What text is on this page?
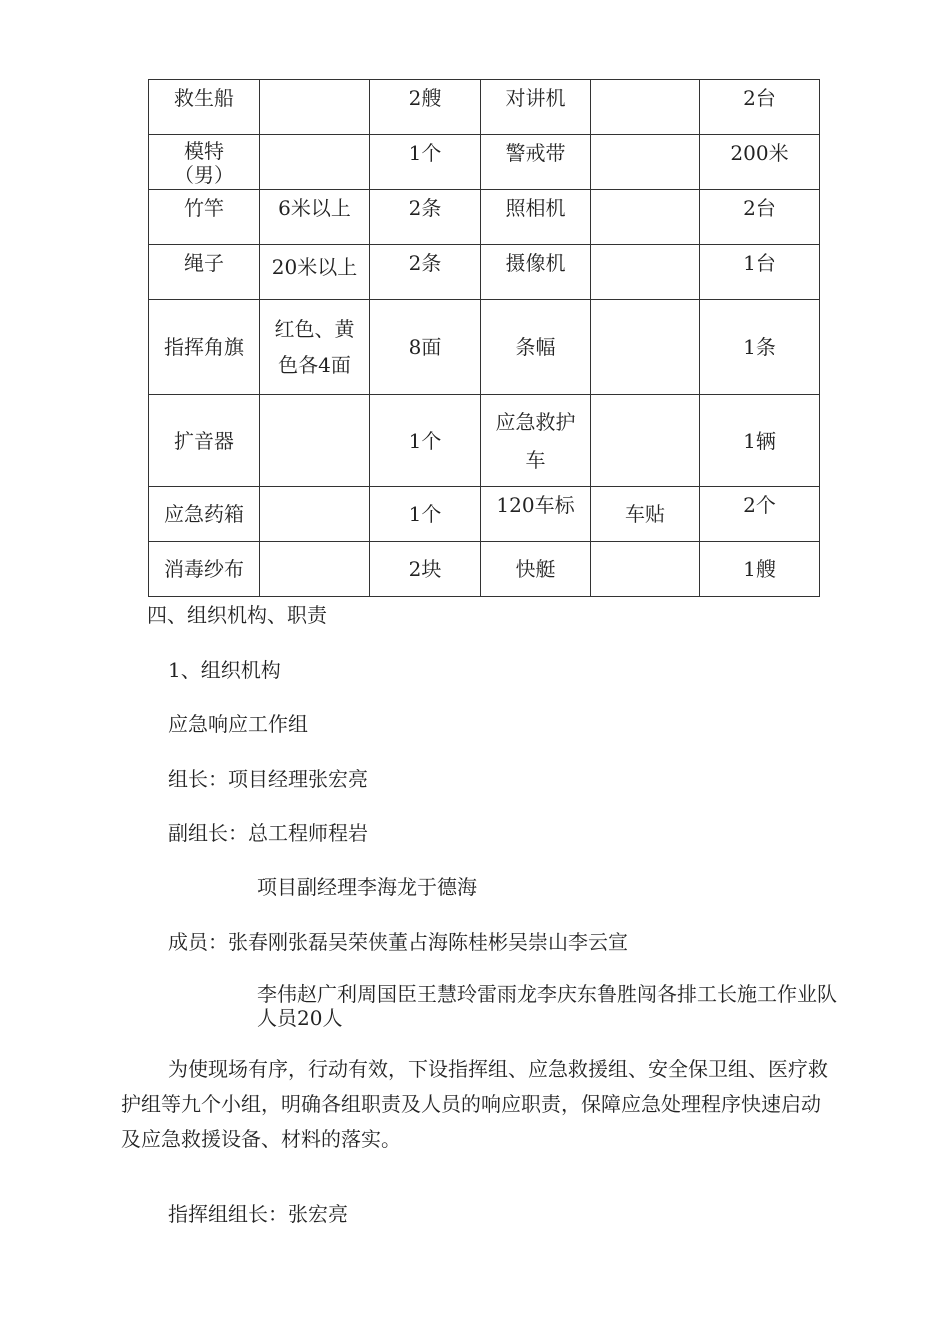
救生船		2艘	对讲机		2台

模特（男）		1个	警戒带		200米
竹竿	6米以上	2条	照相机		2台
绳子	20米以上	2条	摄像机		1台
指挥角旗	红色、黄色各4面	8面	条幅		1条
扩音器		1个	应急救护车		1辆
应急药箱		1个	120车标	车贴	2个
消毒纱布		2块	快艇		1艘
四、组织机构、职责
1、组织机构
应急响应工作组
组长：项目经理张宏亮
副组长：总工程师程岩
项目副经理李海龙于德海
成员：张春刚张磊吴荣侠董占海陈桂彬吴崇山李云宣
李伟赵广利周国臣王慧玲雷雨龙李庆东鲁胜闯各排工长施工作业队人员20人

为使现场有序，行动有效，下设指挥组、应急救援组、安全保卫组、医疗救护组等九个小组，明确各组职责及人员的响应职责，保障应急处理程序快速启动及应急救援设备、材料的落实。

指挥组组长：张宏亮
